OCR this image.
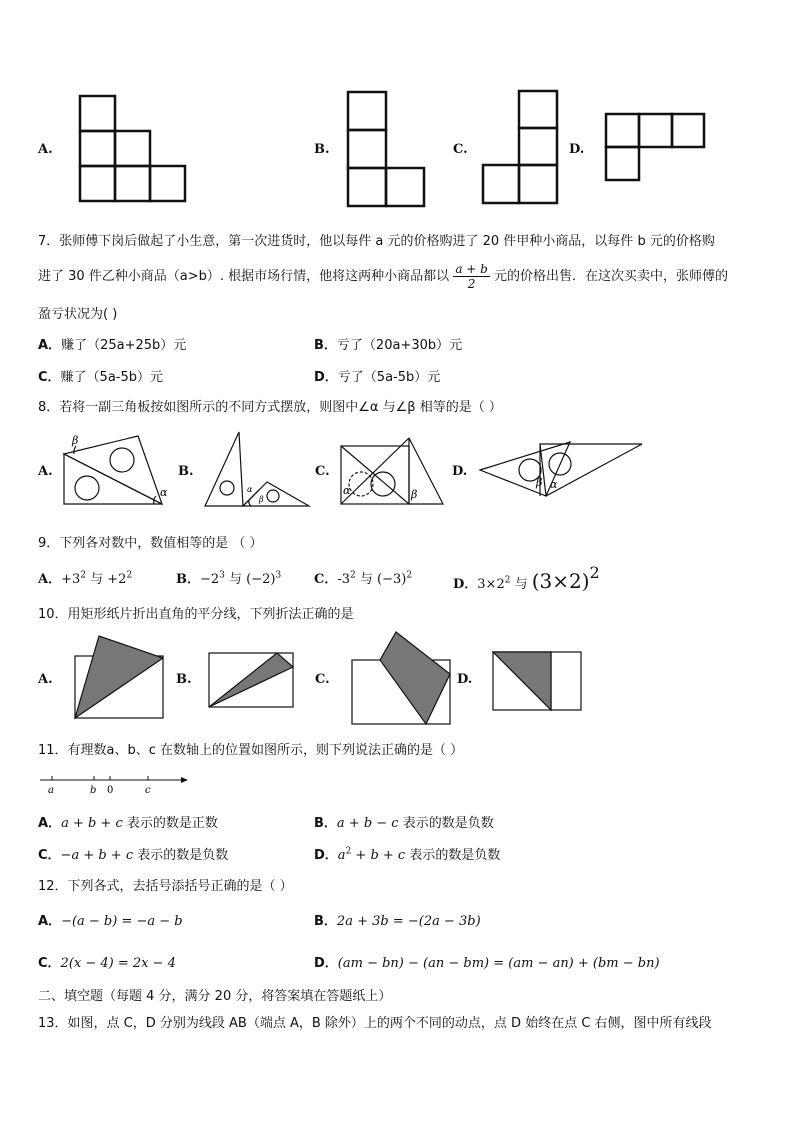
A.	B.	C.	D.
7．张师傅下岗后做起了小生意，第一次进货时，他以每件 a 元的价格购进了 20 件甲种小商品，以每件 b 元的价格购
进了 30 件乙种小商品（a>b）. 根据市场行情，他将这两种小商品都以 $\frac{a + b}{2}$ 元的价格出售．在这次买卖中，张师傅的
盈亏状况为( )
A．赚了（25a+25b）元	B．亏了（20a+30b）元
C．赚了（5a-5b）元	D．亏了（5a-5b）元
8．若将一副三角板按如图所示的不同方式摆放，则图中∠α 与∠β 相等的是（ ）
A.
β
α
B.
α
β
C.
α	β
D.
β α
9．下列各对数中，数值相等的是 （ ）
A．$+3^2$ 与 $+2^2$	B．$-2^3$ 与 $(-2)^3$	C．$-3^2$ 与 $(-3)^2$
D．$3\times 2^2$ 与 $(3\times 2)^2$
10．用矩形纸片折出直角的平分线，下列折法正确的是
A.	B.	C.	D.
11．有理数a、b、c 在数轴上的位置如图所示，则下列说法正确的是（ ）
a	b 0	c
A．a + b + c 表示的数是正数	B．a + b − c 表示的数是负数
C．−a + b + c 表示的数是负数	D．$a^2 + b + c$ 表示的数是负数
12．下列各式，去括号添括号正确的是（ ）
A．−(a − b) = −a − b	B．2a + 3b = −(2a − 3b)
C．2(x − 4) = 2x − 4	D．(am − bn) − (an − bm) = (am − an) + (bm − bn)
二、填空题（每题 4 分，满分 20 分，将答案填在答题纸上）
13．如图，点 C，D 分别为线段 AB（端点 A，B 除外）上的两个不同的动点，点 D 始终在点 C 右侧，图中所有线段
